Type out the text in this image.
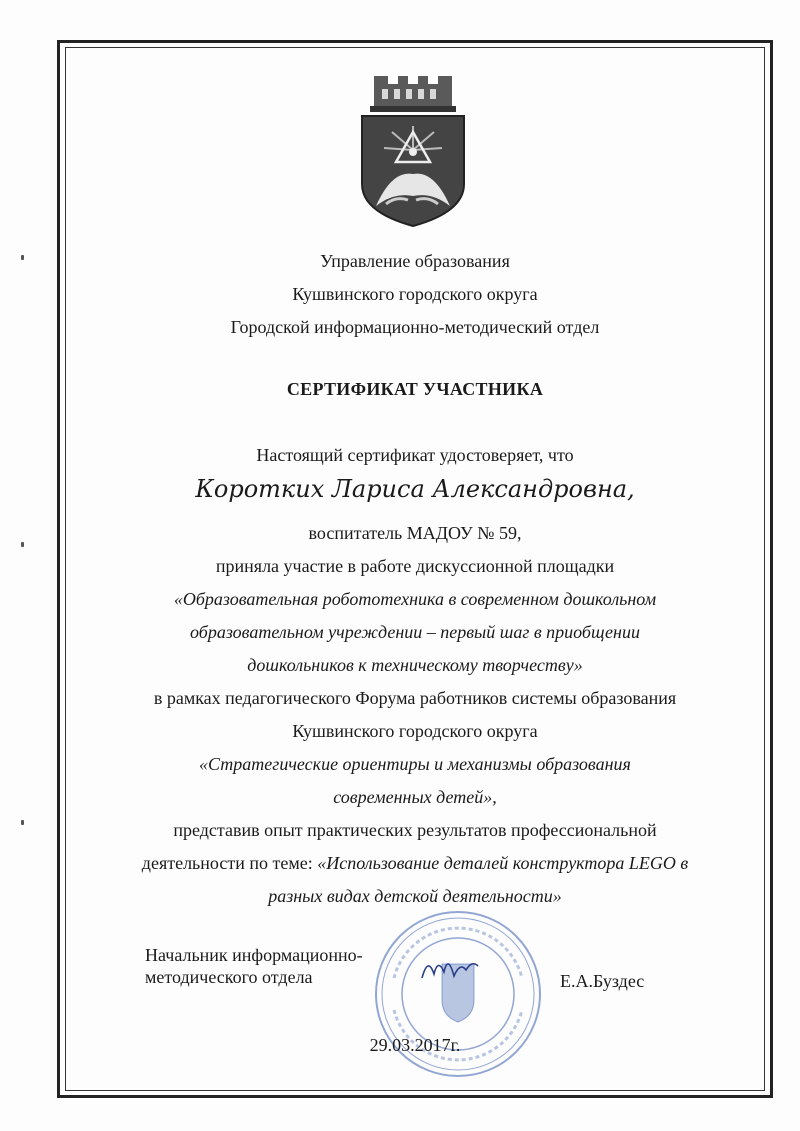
Управление образования
Кушвинского городского округа
Городской информационно-методический отдел
СЕРТИФИКАТ УЧАСТНИКА
Настоящий сертификат удостоверяет, что
Коротких Лариса Александровна,
воспитатель МАДОУ № 59,
приняла участие в работе дискуссионной площадки
«Образовательная робототехника в современном дошкольном
образовательном учреждении – первый шаг в приобщении
дошкольников к техническому творчеству»
в рамках педагогического Форума работников системы образования
Кушвинского городского округа
«Стратегические ориентиры и механизмы образования
современных детей»,
представив опыт практических результатов профессиональной
деятельности по теме: «Использование деталей конструктора LEGO в
разных видах детской деятельности»
Начальник информационно-
методического отдела	Е.А.Буздес
29.03.2017г.
